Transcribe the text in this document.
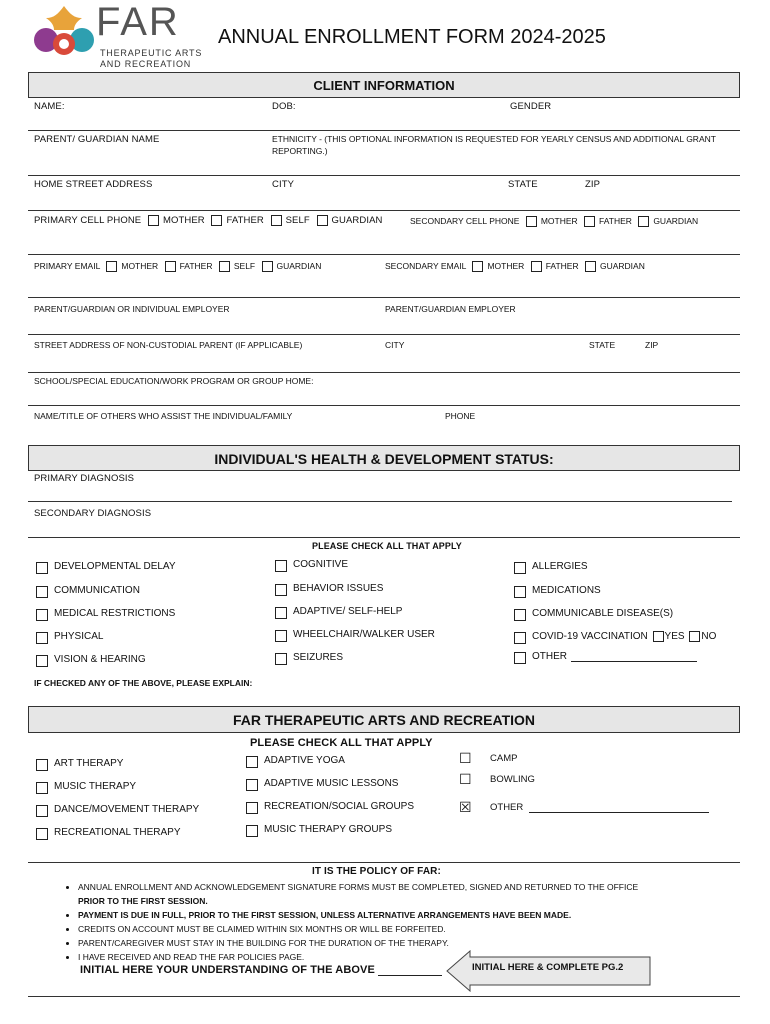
FAR
THERAPEUTIC ARTS
AND RECREATION
ANNUAL ENROLLMENT FORM 2024-2025
CLIENT INFORMATION
NAME:	DOB:	GENDER
PARENT/ GUARDIAN NAME	ETHNICITY - (THIS OPTIONAL INFORMATION IS REQUESTED FOR YEARLY CENSUS AND ADDITIONAL GRANT
REPORTING.)
HOME STREET ADDRESS	CITY	STATE	ZIP
PRIMARY CELL PHONE MOTHER FATHER SELF GUARDIAN	SECONDARY CELL PHONE	MOTHER	FATHER	GUARDIAN
PRIMARY EMAIL	MOTHER	FATHER	SELF	GUARDIAN	SECONDARY EMAIL	MOTHER	FATHER	GUARDIAN
PARENT/GUARDIAN OR INDIVIDUAL EMPLOYER	PARENT/GUARDIAN EMPLOYER
STREET ADDRESS OF NON-CUSTODIAL PARENT (IF APPLICABLE)	CITY	STATE	ZIP
SCHOOL/SPECIAL EDUCATION/WORK PROGRAM OR GROUP HOME:
NAME/TITLE OF OTHERS WHO ASSIST THE INDIVIDUAL/FAMILY	PHONE
INDIVIDUAL'S HEALTH & DEVELOPMENT STATUS:
PRIMARY DIAGNOSIS
SECONDARY DIAGNOSIS
PLEASE CHECK ALL THAT APPLY
DEVELOPMENTAL DELAY
COMMUNICATION
MEDICAL RESTRICTIONS
PHYSICAL
VISION & HEARING
COGNITIVE
BEHAVIOR ISSUES
ADAPTIVE/ SELF-HELP
WHEELCHAIR/WALKER USER
SEIZURES
ALLERGIES
MEDICATIONS
COMMUNICABLE DISEASE(S)
COVID-19 VACCINATION YES NO
OTHER
IF CHECKED ANY OF THE ABOVE, PLEASE EXPLAIN:
FAR THERAPEUTIC ARTS AND RECREATION
PLEASE CHECK ALL THAT APPLY
ART THERAPY
MUSIC THERAPY
DANCE/MOVEMENT THERAPY
RECREATIONAL THERAPY
ADAPTIVE YOGA
ADAPTIVE MUSIC LESSONS
RECREATION/SOCIAL GROUPS
MUSIC THERAPY GROUPS
☐ CAMP
☐ BOWLING
☒ OTHER
IT IS THE POLICY OF FAR:
• ANNUAL ENROLLMENT AND ACKNOWLEDGEMENT SIGNATURE FORMS MUST BE COMPLETED, SIGNED AND RETURNED TO THE OFFICE
PRIOR TO THE FIRST SESSION.
• PAYMENT IS DUE IN FULL, PRIOR TO THE FIRST SESSION, UNLESS ALTERNATIVE ARRANGEMENTS HAVE BEEN MADE.
• CREDITS ON ACCOUNT MUST BE CLAIMED WITHIN SIX MONTHS OR WILL BE FORFEITED.
• PARENT/CAREGIVER MUST STAY IN THE BUILDING FOR THE DURATION OF THE THERAPY.
• I HAVE RECEIVED AND READ THE FAR POLICIES PAGE.
INITIAL HERE YOUR UNDERSTANDING OF THE ABOVE	INITIAL HERE & COMPLETE PG.2
